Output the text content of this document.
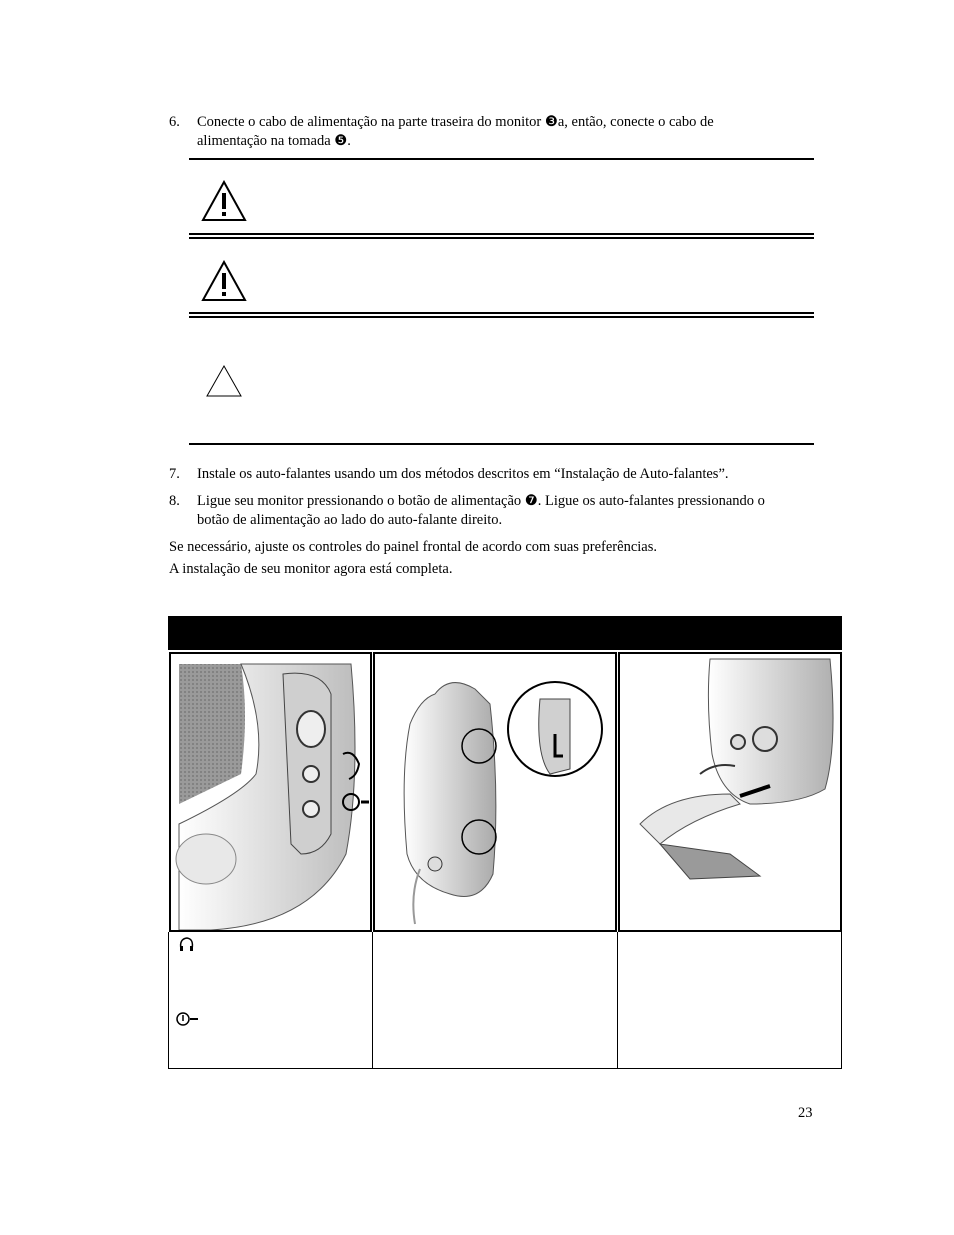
6. Conecte o cabo de alimentação na parte traseira do monitor ❸a, então, conecte o cabo de
alimentação na tomada ❺.
7. Instale os auto-falantes usando um dos métodos descritos em “Instalação de Auto-falantes”.
8. Ligue seu monitor pressionando o botão de alimentação ❼. Ligue os auto-falantes pressionando o
botão de alimentação ao lado do auto-falante direito.
Se necessário, ajuste os controles do painel frontal de acordo com suas preferências.
A instalação de seu monitor agora está completa.
23
